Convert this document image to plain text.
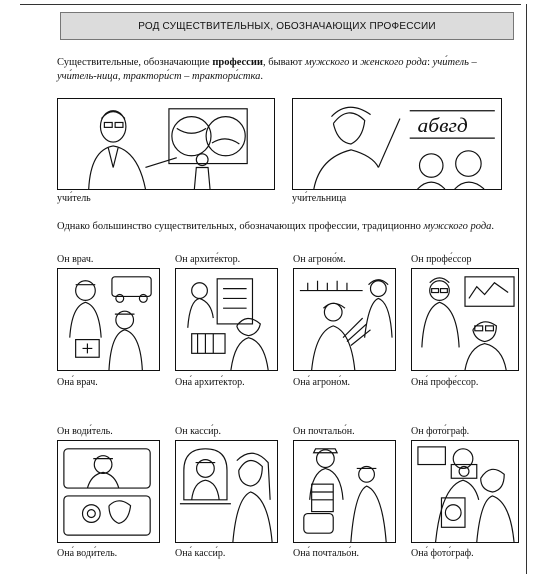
РОД СУЩЕСТВИТЕЛЬНЫХ, ОБОЗНАЧАЮЩИХ ПРОФЕССИИ
Существительные, обозначающие профессии, бывают мужского и женского рода: учи́тель – учи́тель-ница, трактори́ст – трактори́стка.
учи́тель
абвгд
учи́тельница
Однако большинство существительных, обозначающих профессии, традиционно мужского рода.
Он врач.	Он архите́ктор.	Он агроно́м.	Он профе́ссор
Она́ врач.	Она́ архите́ктор.	Она́ агроно́м.	Она́ профе́ссор.
Он води́тель.	Он касси́р.	Он почтальо́н.	Он фото́граф.
Она́ води́тель.	Она́ касси́р.	Она́ почтальо́н.	Она́ фото́граф.
